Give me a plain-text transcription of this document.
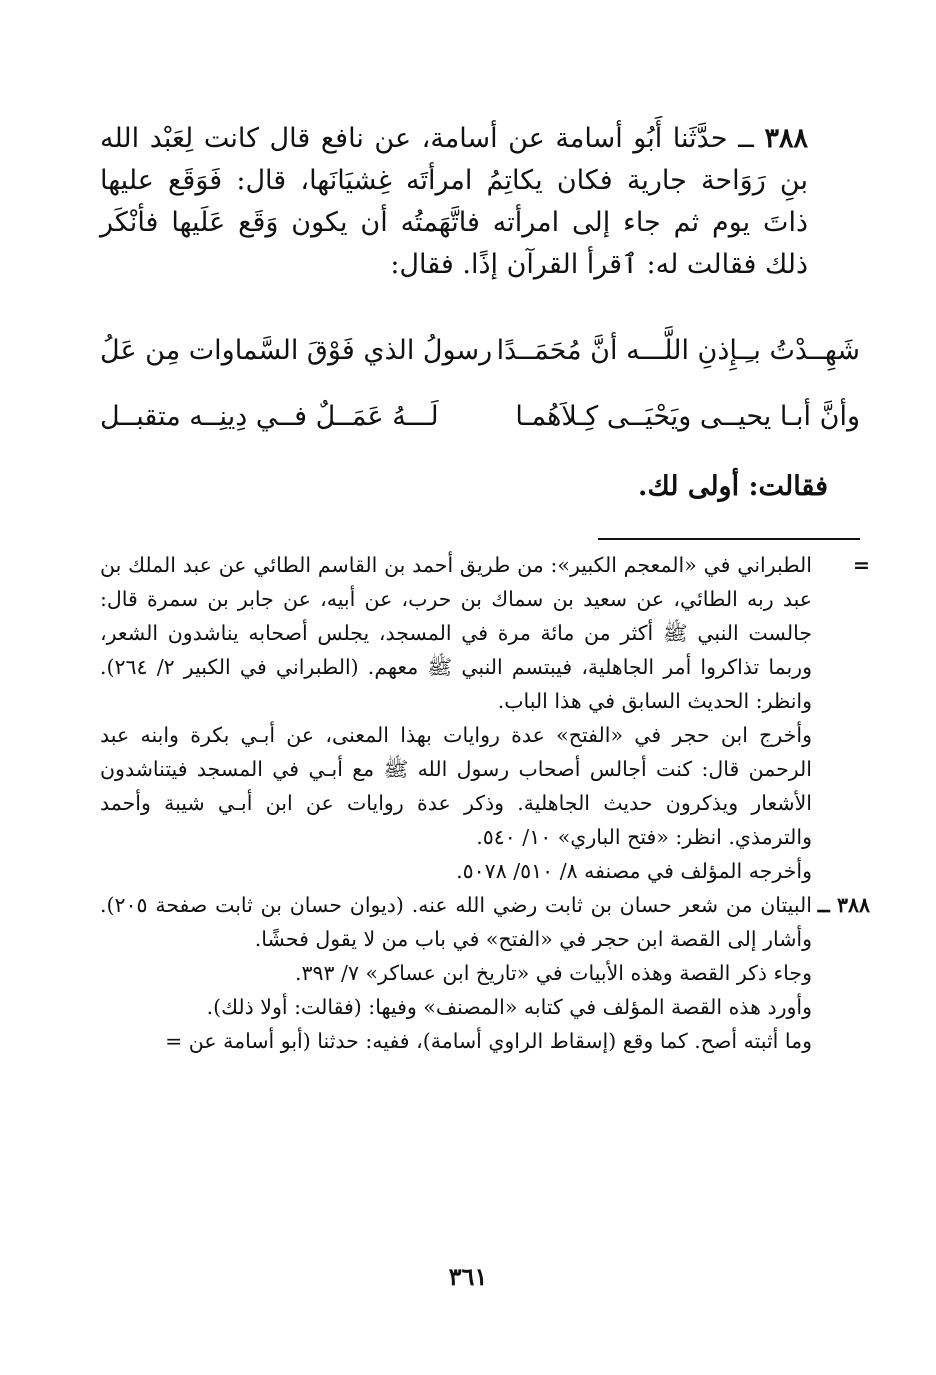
٣٨٨ ــ حدَّثَنا أَبُو أسامة عن أسامة، عن نافع قال كانت لِعَبْد الله بنِ رَوَاحة جارية فكان يكاتِمُ امرأتَه غِشيَانَها، قال: فَوَقَع عليها ذاتَ يوم ثم جاء إلى امرأته فاتَّهَمتُه أن يكون وَقَع عَلَيها فأنْكَر ذلك فقالت له: ٱقرأ القرآن إذًا. فقال:

شَهِــدْتُ بـِـإِذنِ اللَّـــه أنَّ مُحَمَــدًا
رسولُ الذي فَوْقَ السَّماوات مِن عَلُ
وأنَّ أبـا يحيــى ويَحْيَــى كِـلاَهُمـا
لَـــهُ عَمَــلٌ فــي دِينِــه متقبــل
فقالت: أولى لك.
=

الطبراني في «المعجم الكبير»: من طريق أحمد بن القاسم الطائي عن عبد الملك بن عبد ربه الطائي، عن سعيد بن سماك بن حرب، عن أبيه، عن جابر بن سمرة قال: جالست النبي ﷺ أكثر من مائة مرة في المسجد، يجلس أصحابه يناشدون الشعر، وربما تذاكروا أمر الجاهلية، فيبتسم النبي ﷺ معهم. (الطبراني في الكبير ٢/ ٢٦٤). وانظر: الحديث السابق في هذا الباب.

وأخرج ابن حجر في «الفتح» عدة روايات بهذا المعنى، عن أبـي بكرة وابنه عبد الرحمن قال: كنت أجالس أصحاب رسول الله ﷺ مع أبـي في المسجد فيتناشدون الأشعار ويذكرون حديث الجاهلية. وذكر عدة روايات عن ابن أبـي شيبة وأحمد والترمذي. انظر: «فتح الباري» ١٠/ ٥٤٠.

وأخرجه المؤلف في مصنفه ٨/ ٥١٠/ ٥٠٧٨.

٣٨٨ ــ

البيتان من شعر حسان بن ثابت رضي الله عنه. (ديوان حسان بن ثابت صفحة ٢٠٥). وأشار إلى القصة ابن حجر في «الفتح» في باب من لا يقول فحشًا.

وجاء ذكر القصة وهذه الأبيات في «تاريخ ابن عساكر» ٧/ ٣٩٣.

وأورد هذه القصة المؤلف في كتابه «المصنف» وفيها: (فقالت: أولا ذلك).

وما أثبته أصح. كما وقع (إسقاط الراوي أسامة)، ففيه: حدثنا (أبو أسامة عن =

٣٦١
